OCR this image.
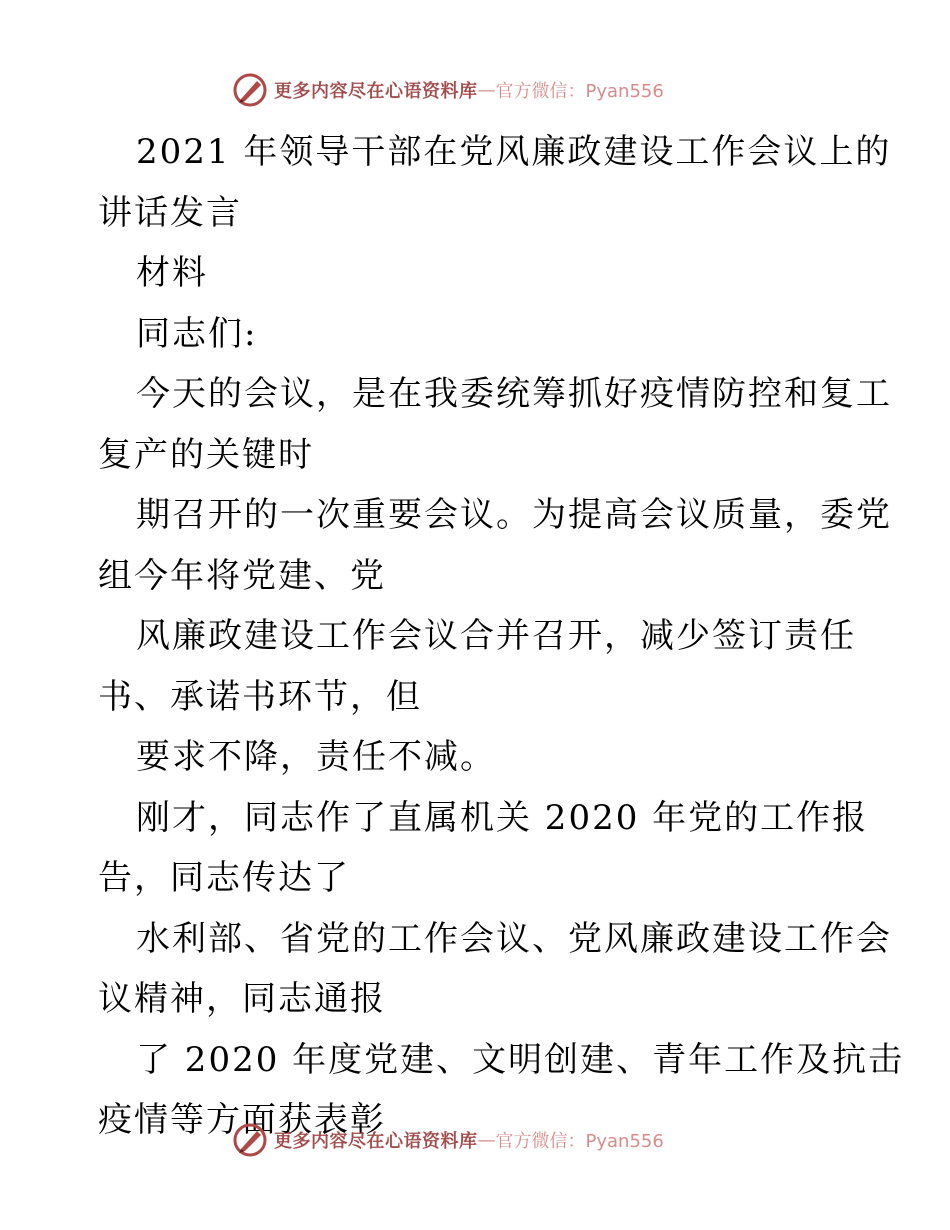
更多内容尽在心语资料库 — 官方微信：Pyan556
2021 年领导干部在党风廉政建设工作会议上的
讲话发言
材料
同志们:
今天的会议，是在我委统筹抓好疫情防控和复工
复产的关键时
期召开的一次重要会议。为提高会议质量，委党
组今年将党建、党
风廉政建设工作会议合并召开，减少签订责任
书、承诺书环节，但
要求不降，责任不减。
刚才，同志作了直属机关 2020 年党的工作报
告，同志传达了
水利部、省党的工作会议、党风廉政建设工作会
议精神，同志通报
了 2020 年度党建、文明创建、青年工作及抗击
疫情等方面获表彰
更多内容尽在心语资料库 — 官方微信：Pyan556
